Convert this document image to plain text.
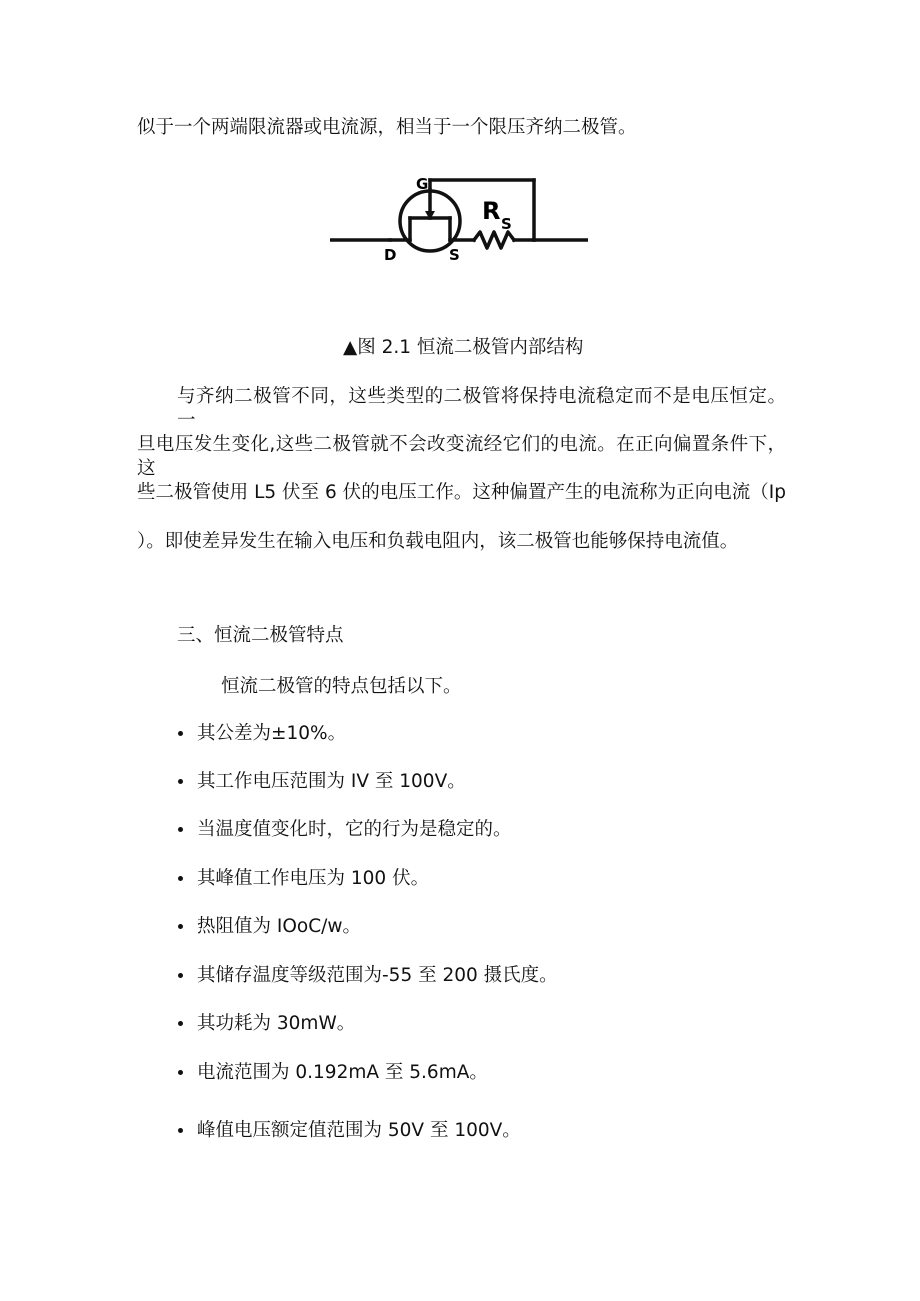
似于一个两端限流器或电流源，相当于一个限压齐纳二极管。

G
D	S
R S

▲图 2.1 恒流二极管内部结构

与齐纳二极管不同，这些类型的二极管将保持电流稳定而不是电压恒定。一

旦电压发生变化,这些二极管就不会改变流经它们的电流。在正向偏置条件下，这

些二极管使用 L5 伏至 6 伏的电压工作。这种偏置产生的电流称为正向电流（Ip

）。即使差异发生在输入电压和负载电阻内，该二极管也能够保持电流值。

三、恒流二极管特点

恒流二极管的特点包括以下。

其公差为±10%。

其工作电压范围为 IV 至 100V。

当温度值变化时，它的行为是稳定的。

其峰值工作电压为 100 伏。

热阻值为 IOoC/w。

其储存温度等级范围为-55 至 200 摄氏度。

其功耗为 30mW。

电流范围为 0.192mA 至 5.6mA。

峰值电压额定值范围为 50V 至 100V。
